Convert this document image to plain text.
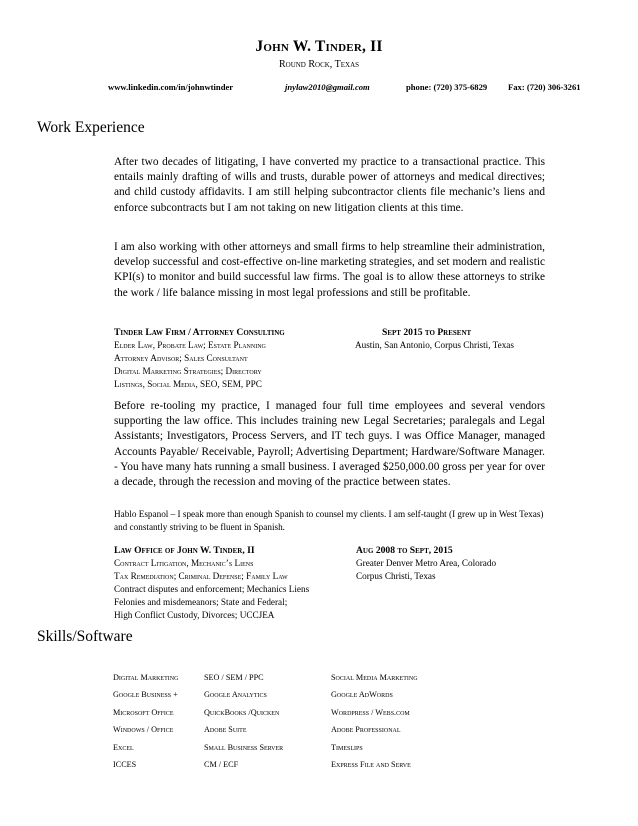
John W. Tinder, II
Round Rock, Texas
www.linkedin.com/in/johnwtinder	jnylaw2010@gmail.com	phone: (720) 375-6829 Fax: (720) 306-3261
Work Experience

After two decades of litigating, I have converted my practice to a transactional practice. This entails mainly drafting of wills and trusts, durable power of attorneys and medical directives; and child custody affidavits. I am still helping subcontractor clients file mechanic’s liens and enforce subcontracts but I am not taking on new litigation clients at this time.

I am also working with other attorneys and small firms to help streamline their administration, develop successful and cost-effective on-line marketing strategies, and set modern and realistic KPI(s) to monitor and build successful law firms. The goal is to allow these attorneys to strike the work / life balance missing in most legal professions and still be profitable.

Tinder Law Firm / Attorney Consulting
Elder Law, Probate Law; Estate Planning
Attorney Advisor; Sales Consultant
Digital Marketing Strategies; Directory
Listings, Social Media, SEO, SEM, PPC
Sept 2015 to Present
Austin, San Antonio, Corpus Christi, Texas

Before re-tooling my practice, I managed four full time employees and several vendors supporting the law office. This includes training new Legal Secretaries; paralegals and Legal Assistants; Investigators, Process Servers, and IT tech guys. I was Office Manager, managed Accounts Payable/ Receivable, Payroll; Advertising Department; Hardware/Software Manager. - You have many hats running a small business. I averaged $250,000.00 gross per year for over a decade, through the recession and moving of the practice between states.

Hablo Espanol – I speak more than enough Spanish to counsel my clients. I am self-taught (I grew up in West Texas) and constantly striving to be fluent in Spanish.

Law Office of John W. Tinder, II
Contract Litigation, Mechanic’s Liens
Tax Remediation; Criminal Defense; Family Law
Contract disputes and enforcement; Mechanics Liens
Felonies and misdemeanors; State and Federal;
High Conflict Custody, Divorces; UCCJEA
Aug 2008 to Sept, 2015
Greater Denver Metro Area, Colorado
Corpus Christi, Texas
Skills/Software
Digital Marketing	SEO / SEM / PPC	Social Media Marketing
Google Business +	Google Analytics	Google AdWords
Microsoft Office	QuickBooks /Quicken	Wordpress / Webs.com
Windows / Office	Adobe Suite	Adobe Professional
Excel	Small Business Server	Timeslips
ICCES	CM / ECF	Express File and Serve
